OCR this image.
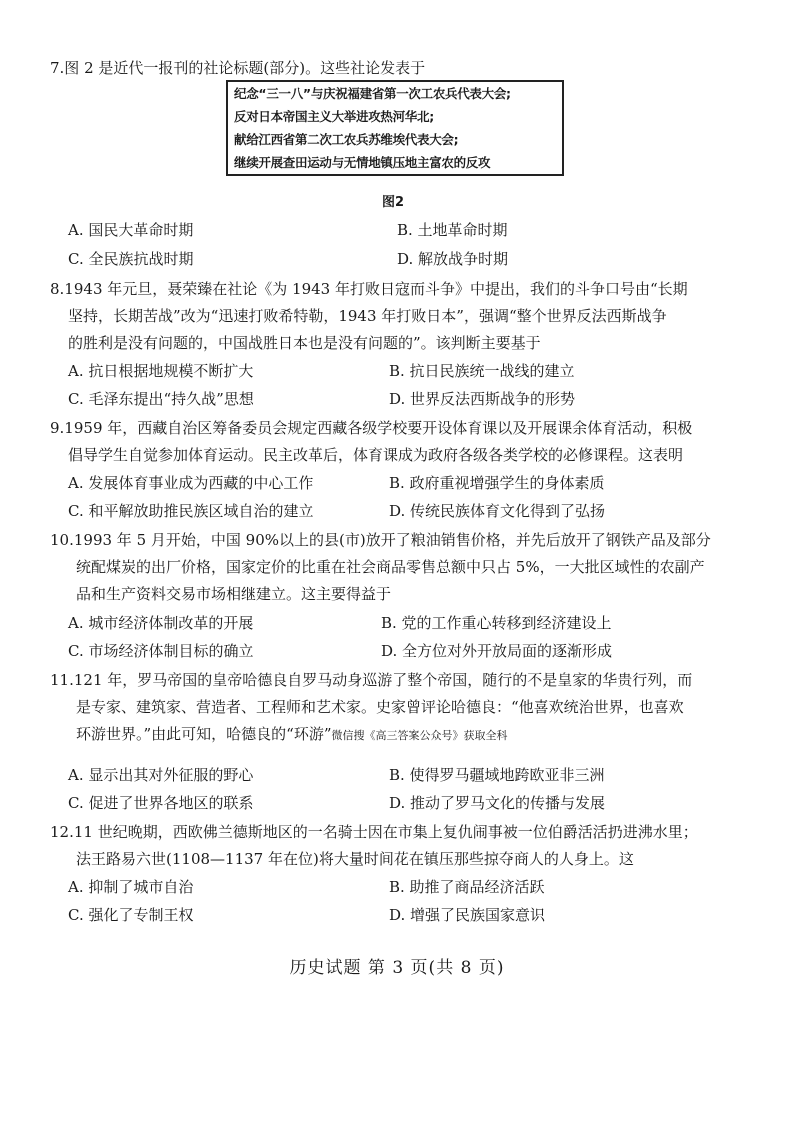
7.图 2 是近代一报刊的社论标题(部分)。这些社论发表于
纪念“三一八”与庆祝福建省第一次工农兵代表大会;
反对日本帝国主义大举进攻热河华北;
献给江西省第二次工农兵苏维埃代表大会;
继续开展查田运动与无情地镇压地主富农的反攻
图2
A. 国民大革命时期	B. 土地革命时期
C. 全民族抗战时期	D. 解放战争时期
8.1943 年元旦，聂荣臻在社论《为 1943 年打败日寇而斗争》中提出，我们的斗争口号由“长期
坚持，长期苦战”改为“迅速打败希特勒，1943 年打败日本”，强调“整个世界反法西斯战争
的胜利是没有问题的，中国战胜日本也是没有问题的”。该判断主要基于
A. 抗日根据地规模不断扩大	B. 抗日民族统一战线的建立
C. 毛泽东提出“持久战”思想	D. 世界反法西斯战争的形势
9.1959 年，西藏自治区筹备委员会规定西藏各级学校要开设体育课以及开展课余体育活动，积极
倡导学生自觉参加体育运动。民主改革后，体育课成为政府各级各类学校的必修课程。这表明
A. 发展体育事业成为西藏的中心工作	B. 政府重视增强学生的身体素质
C. 和平解放助推民族区域自治的建立	D. 传统民族体育文化得到了弘扬
10.1993 年 5 月开始，中国 90%以上的县(市)放开了粮油销售价格，并先后放开了钢铁产品及部分
统配煤炭的出厂价格，国家定价的比重在社会商品零售总额中只占 5%，一大批区域性的农副产
品和生产资料交易市场相继建立。这主要得益于
A. 城市经济体制改革的开展	B. 党的工作重心转移到经济建设上
C. 市场经济体制目标的确立	D. 全方位对外开放局面的逐渐形成
11.121 年，罗马帝国的皇帝哈德良自罗马动身巡游了整个帝国，随行的不是皇家的华贵行列，而
是专家、建筑家、营造者、工程师和艺术家。史家曾评论哈德良：“他喜欢统治世界，也喜欢
环游世界。”由此可知，哈德良的“环游”微信搜《高三答案公众号》获取全科
A. 显示出其对外征服的野心	B. 使得罗马疆域地跨欧亚非三洲
C. 促进了世界各地区的联系	D. 推动了罗马文化的传播与发展
12.11 世纪晚期，西欧佛兰德斯地区的一名骑士因在市集上复仇闹事被一位伯爵活活扔进沸水里；
法王路易六世(1108—1137 年在位)将大量时间花在镇压那些掠夺商人的人身上。这
A. 抑制了城市自治	B. 助推了商品经济活跃
C. 强化了专制王权	D. 增强了民族国家意识
历史试题 第 3 页(共 8 页)
